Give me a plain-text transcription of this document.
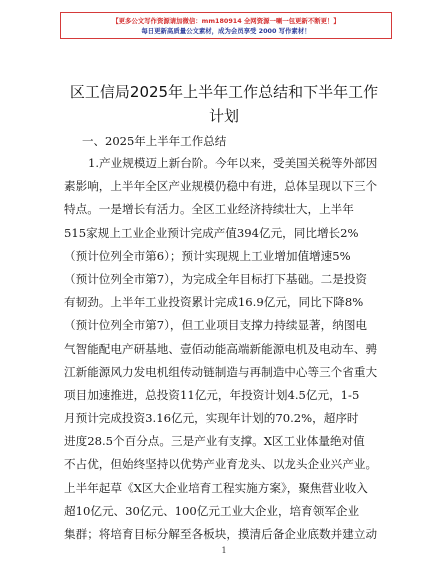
【更多公文写作资源请加微信：mm180914 全网资源一喇一包更新不断更！】
每日更新高质量公文素材，成为会员享受 2000 写作素材！
区工信局2025年上半年工作总结和下半年工作
计划
一、2025年上半年工作总结
1.产业规模迈上新台阶。今年以来，受美国关税等外部因
素影响，上半年全区产业规模仍稳中有进，总体呈现以下三个
特点。一是增长有活力。全区工业经济持续壮大，上半年
515家规上工业企业预计完成产值394亿元，同比增长2%
（预计位列全市第6）；预计实现规上工业增加值增速5%
（预计位列全市第7），为完成全年目标打下基础。二是投资
有韧劲。上半年工业投资累计完成16.9亿元，同比下降8%
（预计位列全市第7），但工业项目支撑力持续显著，纳图电
气智能配电产研基地、壹佰动能高端新能源电机及电动车、骋
江新能源风力发电机组传动链制造与再制造中心等三个省重大
项目加速推进，总投资11亿元，年投资计划4.5亿元，1-5
月预计完成投资3.16亿元，实现年计划的70.2%，超序时
进度28.5个百分点。三是产业有支撑。X区工业体量绝对值
不占优，但始终坚持以优势产业育龙头、以龙头企业兴产业。
上半年起草《X区大企业培育工程实施方案》，聚焦营业收入
超10亿元、30亿元、100亿元工业大企业，培育领军企业
集群；将培育目标分解至各板块，摸清后备企业底数并建立动
1
